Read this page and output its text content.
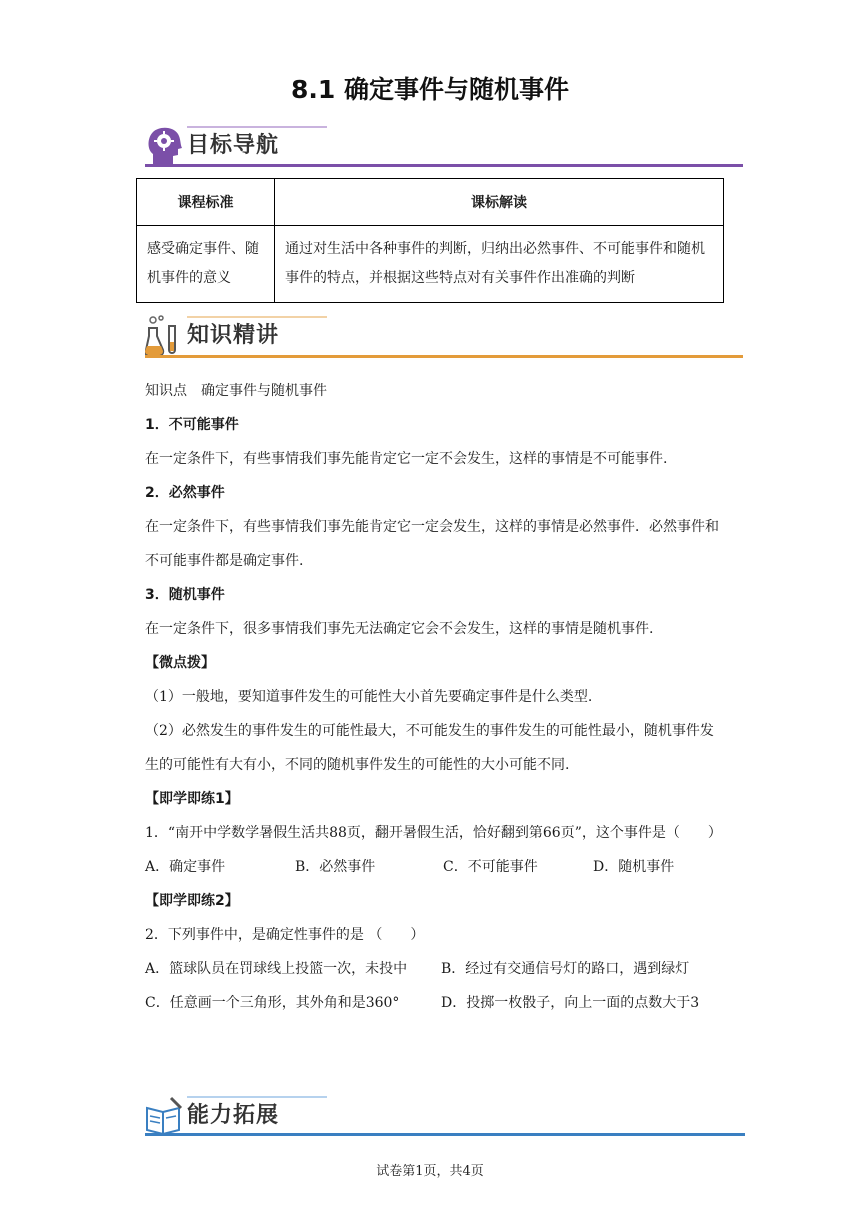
8.1 确定事件与随机事件
目标导航
课程标准	课标解读
感受确定事件、随机事件的意义	通过对生活中各种事件的判断，归纳出必然事件、不可能事件和随机事件的特点，并根据这些特点对有关事件作出准确的判断
知识精讲

知识点　确定事件与随机事件

1．不可能事件

在一定条件下，有些事情我们事先能肯定它一定不会发生，这样的事情是不可能事件.

2．必然事件

在一定条件下，有些事情我们事先能肯定它一定会发生，这样的事情是必然事件．必然事件和不可能事件都是确定事件.

3．随机事件

在一定条件下，很多事情我们事先无法确定它会不会发生，这样的事情是随机事件.

【微点拨】

（1）一般地，要知道事件发生的可能性大小首先要确定事件是什么类型.

（2）必然发生的事件发生的可能性最大，不可能发生的事件发生的可能性最小，随机事件发生的可能性有大有小，不同的随机事件发生的可能性的大小可能不同.

【即学即练1】

1．“南开中学数学暑假生活共88页，翻开暑假生活，恰好翻到第66页”，这个事件是（　　）

A．确定事件	B．必然事件	C．不可能事件	D．随机事件

【即学即练2】

2．下列事件中，是确定性事件的是 （　　）

A．篮球队员在罚球线上投篮一次，未投中	B．经过有交通信号灯的路口，遇到绿灯

C．任意画一个三角形，其外角和是360°	D．投掷一枚骰子，向上一面的点数大于3

能力拓展
试卷第1页，共4页
